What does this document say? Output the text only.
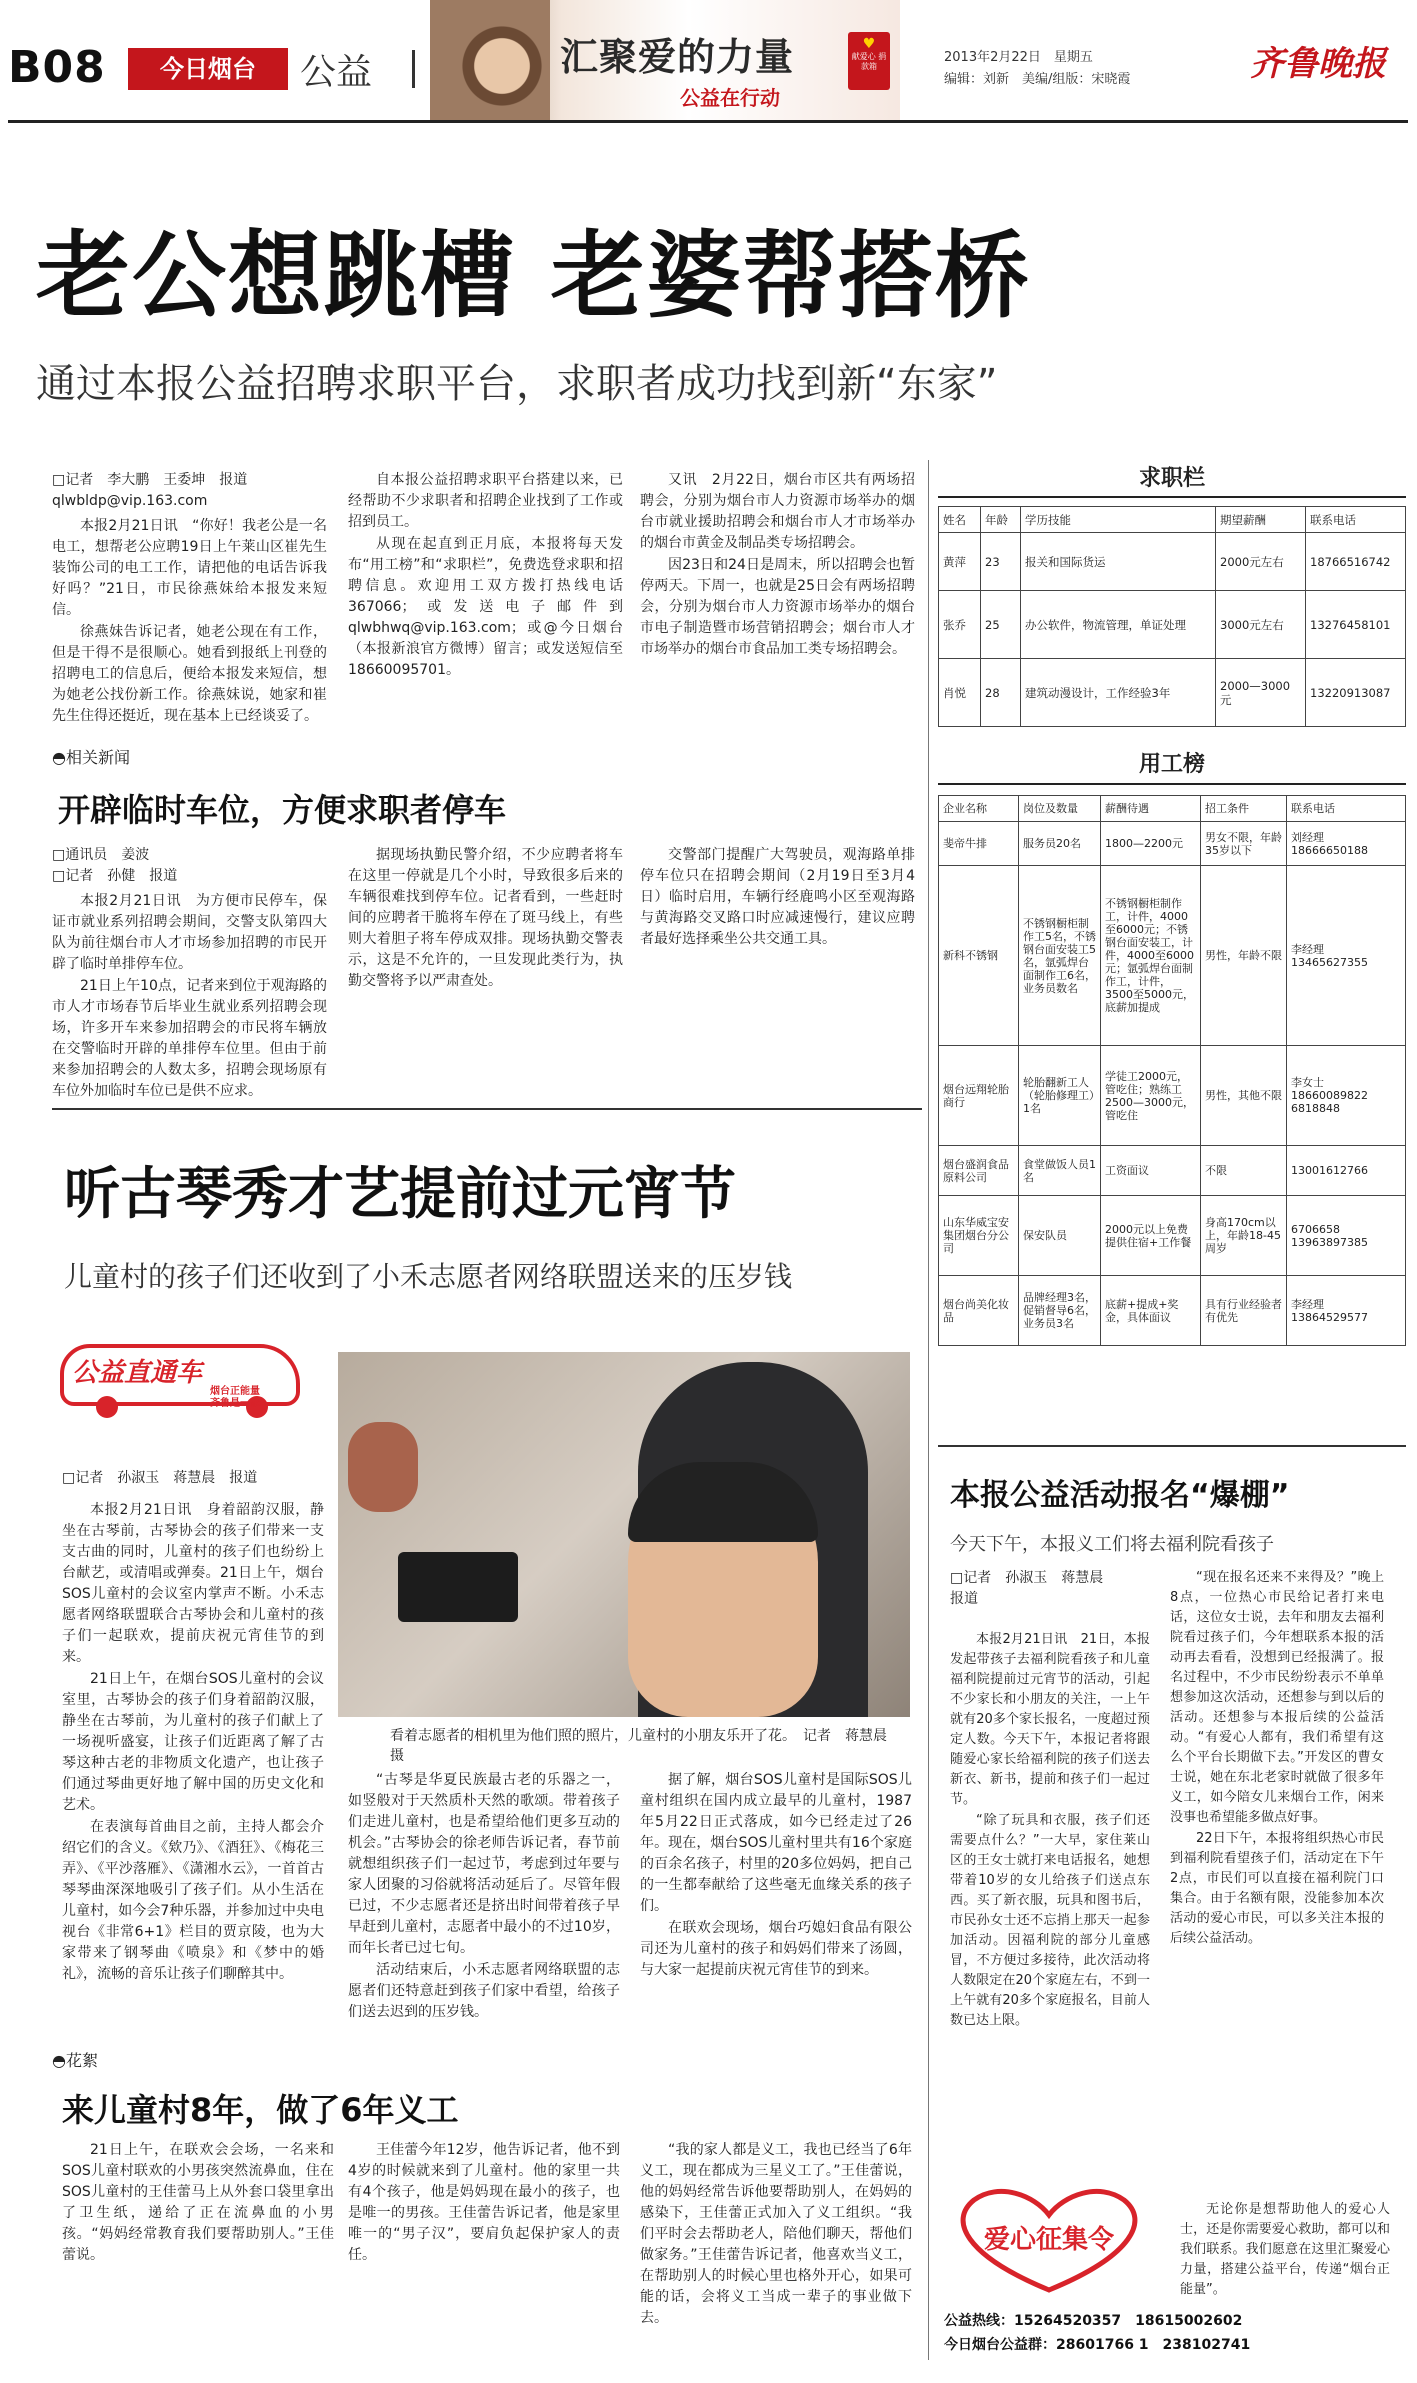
B08	今日烟台	公益	汇聚爱的力量
公益在行动
♥
献爱心 捐款箱
2013年2月22日　星期五
编辑：刘新　美编/组版：宋晓霞	齐鲁晚报
老公想跳槽 老婆帮搭桥
通过本报公益招聘求职平台，求职者成功找到新“东家”
□记者　李大鹏　王委坤　报道
qlwbldp@vip.163.com

本报2月21日讯　“你好！我老公是一名电工，想帮老公应聘19日上午莱山区崔先生装饰公司的电工工作，请把他的电话告诉我好吗？”21日，市民徐燕妹给本报发来短信。

徐燕妹告诉记者，她老公现在有工作，但是干得不是很顺心。她看到报纸上刊登的招聘电工的信息后，便给本报发来短信，想为她老公找份新工作。徐燕妹说，她家和崔先生住得还挺近，现在基本上已经谈妥了。

自本报公益招聘求职平台搭建以来，已经帮助不少求职者和招聘企业找到了工作或招到员工。

从现在起直到正月底，本报将每天发布“用工榜”和“求职栏”，免费选登求职和招聘信息。欢迎用工双方拨打热线电话367066；或发送电子邮件到qlwbhwq@vip.163.com；或@今日烟台（本报新浪官方微博）留言；或发送短信至18660095701。

又讯　2月22日，烟台市区共有两场招聘会，分别为烟台市人力资源市场举办的烟台市就业援助招聘会和烟台市人才市场举办的烟台市黄金及制品类专场招聘会。

因23日和24日是周末，所以招聘会也暂停两天。下周一，也就是25日会有两场招聘会，分别为烟台市人力资源市场举办的烟台市电子制造暨市场营销招聘会；烟台市人才市场举办的烟台市食品加工类专场招聘会。

◓相关新闻
开辟临时车位，方便求职者停车
□通讯员　姜波
□记者　孙健　报道

本报2月21日讯　为方便市民停车，保证市就业系列招聘会期间，交警支队第四大队为前往烟台市人才市场参加招聘的市民开辟了临时单排停车位。

21日上午10点，记者来到位于观海路的市人才市场春节后毕业生就业系列招聘会现场，许多开车来参加招聘会的市民将车辆放在交警临时开辟的单排停车位里。但由于前来参加招聘会的人数太多，招聘会现场原有车位外加临时车位已是供不应求。

据现场执勤民警介绍，不少应聘者将车在这里一停就是几个小时，导致很多后来的车辆很难找到停车位。记者看到，一些赶时间的应聘者干脆将车停在了斑马线上，有些则大着胆子将车停成双排。现场执勤交警表示，这是不允许的，一旦发现此类行为，执勤交警将予以严肃查处。

交警部门提醒广大驾驶员，观海路单排停车位只在招聘会期间（2月19日至3月4日）临时启用，车辆行经鹿鸣小区至观海路与黄海路交叉路口时应减速慢行，建议应聘者最好选择乘坐公共交通工具。

求职栏
姓名	年龄	学历技能	期望薪酬	联系电话
黄萍	23	报关和国际货运	2000元左右	18766516742
张乔	25	办公软件，物流管理，单证处理	3000元左右	13276458101
肖悦	28	建筑动漫设计，工作经验3年	2000—3000元	13220913087
用工榜
企业名称	岗位及数量	薪酬待遇	招工条件	联系电话
斐帝牛排	服务员20名	1800—2200元	男女不限，年龄35岁以下	刘经理 18666650188
新科不锈钢	不锈钢橱柜制作工5名，不锈钢台面安装工5名，氩弧焊台面制作工6名，业务员数名	不锈钢橱柜制作工，计件，4000至6000元；不锈钢台面安装工，计件，4000至6000元；氩弧焊台面制作工，计件，3500至5000元，底薪加提成	男性，年龄不限	李经理 13465627355
烟台远翔轮胎商行	轮胎翻新工人（轮胎修理工）1名	学徒工2000元，管吃住；熟练工2500—3000元，管吃住	男性，其他不限	李女士 18660089822 6818848
烟台盛润食品原料公司	食堂做饭人员1名	工资面议	不限	13001612766
山东华威宝安集团烟台分公司	保安队员	2000元以上免费提供住宿+工作餐	身高170cm以上，年龄18-45周岁	6706658 13963897385
烟台尚美化妆品	品牌经理3名，促销督导6名，业务员3名	底薪+提成+奖金，具体面议	具有行业经验者有优先	李经理 13864529577
听古琴秀才艺提前过元宵节
儿童村的孩子们还收到了小禾志愿者网络联盟送来的压岁钱
公益直通车
烟台正能量
齐鲁是一家
□记者　孙淑玉　蒋慧晨　报道

本报2月21日讯　身着韶韵汉服，静坐在古琴前，古琴协会的孩子们带来一支支古曲的同时，儿童村的孩子们也纷纷上台献艺，或清唱或弹奏。21日上午，烟台SOS儿童村的会议室内掌声不断。小禾志愿者网络联盟联合古琴协会和儿童村的孩子们一起联欢，提前庆祝元宵佳节的到来。

21日上午，在烟台SOS儿童村的会议室里，古琴协会的孩子们身着韶韵汉服，静坐在古琴前，为儿童村的孩子们献上了一场视听盛宴，让孩子们近距离了解了古琴这种古老的非物质文化遗产，也让孩子们通过琴曲更好地了解中国的历史文化和艺术。

在表演每首曲目之前，主持人都会介绍它们的含义。《欸乃》、《酒狂》、《梅花三弄》、《平沙落雁》、《潇湘水云》，一首首古琴琴曲深深地吸引了孩子们。从小生活在儿童村，如今会7种乐器，并参加过中央电视台《非常6+1》栏目的贾京陵，也为大家带来了钢琴曲《喷泉》和《梦中的婚礼》，流畅的音乐让孩子们聊醉其中。

看着志愿者的相机里为他们照的照片，儿童村的小朋友乐开了花。　记者　蒋慧晨　摄

“古琴是华夏民族最古老的乐器之一，如竖般对于天然质朴天然的歌颂。带着孩子们走进儿童村，也是希望给他们更多互动的机会。”古琴协会的徐老师告诉记者，春节前就想组织孩子们一起过节，考虑到过年要与家人团聚的习俗就将活动延后了。尽管年假已过，不少志愿者还是挤出时间带着孩子早早赶到儿童村，志愿者中最小的不过10岁，而年长者已过七旬。

活动结束后，小禾志愿者网络联盟的志愿者们还特意赶到孩子们家中看望，给孩子们送去迟到的压岁钱。

据了解，烟台SOS儿童村是国际SOS儿童村组织在国内成立最早的儿童村，1987年5月22日正式落成，如今已经走过了26年。现在，烟台SOS儿童村里共有16个家庭的百余名孩子，村里的20多位妈妈，把自己的一生都奉献给了这些毫无血缘关系的孩子们。

在联欢会现场，烟台巧媳妇食品有限公司还为儿童村的孩子和妈妈们带来了汤圆，与大家一起提前庆祝元宵佳节的到来。

◓花絮
来儿童村8年，做了6年义工

21日上午，在联欢会会场，一名来和SOS儿童村联欢的小男孩突然流鼻血，住在SOS儿童村的王佳蕾马上从外套口袋里拿出了卫生纸，递给了正在流鼻血的小男孩。“妈妈经常教育我们要帮助别人。”王佳蕾说。

王佳蕾今年12岁，他告诉记者，他不到4岁的时候就来到了儿童村。他的家里一共有4个孩子，他是妈妈现在最小的孩子，也是唯一的男孩。王佳蕾告诉记者，他是家里唯一的“男子汉”，要肩负起保护家人的责任。

“我的家人都是义工，我也已经当了6年义工，现在都成为三星义工了。”王佳蕾说，他的妈妈经常告诉他要帮助别人，在妈妈的感染下，王佳蕾正式加入了义工组织。“我们平时会去帮助老人，陪他们聊天，帮他们做家务。”王佳蕾告诉记者，他喜欢当义工，在帮助别人的时候心里也格外开心，如果可能的话，会将义工当成一辈子的事业做下去。

本报公益活动报名“爆棚”
今天下午，本报义工们将去福利院看孩子
□记者　孙淑玉　蒋慧晨　报道

本报2月21日讯　21日，本报发起带孩子去福利院看孩子和儿童福利院提前过元宵节的活动，引起不少家长和小朋友的关注，一上午就有20多个家长报名，一度超过预定人数。今天下午，本报记者将跟随爱心家长给福利院的孩子们送去新衣、新书，提前和孩子们一起过节。

“除了玩具和衣服，孩子们还需要点什么？”一大早，家住莱山区的王女士就打来电话报名，她想带着10岁的女儿给孩子们送点东西。买了新衣服，玩具和图书后，市民孙女士还不忘捎上那天一起参加活动。因福利院的部分儿童感冒，不方便过多接待，此次活动将人数限定在20个家庭左右，不到一上午就有20多个家庭报名，目前人数已达上限。

“现在报名还来不来得及？”晚上8点，一位热心市民给记者打来电话，这位女士说，去年和朋友去福利院看过孩子们，今年想联系本报的活动再去看看，没想到已经报满了。报名过程中，不少市民纷纷表示不单单想参加这次活动，还想参与到以后的活动。还想参与本报后续的公益活动。“有爱心人都有，我们希望有这么个平台长期做下去。”开发区的曹女士说，她在东北老家时就做了很多年义工，如今陪女儿来烟台工作，闲来没事也希望能多做点好事。

22日下午，本报将组织热心市民到福利院看望孩子们，活动定在下午2点，市民们可以直接在福利院门口集合。由于名额有限，没能参加本次活动的爱心市民，可以多关注本报的后续公益活动。

爱心征集令

无论你是想帮助他人的爱心人士，还是你需要爱心救助，都可以和我们联系。我们愿意在这里汇聚爱心力量，搭建公益平台，传递“烟台正能量”。

公益热线：15264520357　18615002602
今日烟台公益群：28601766 1　238102741
